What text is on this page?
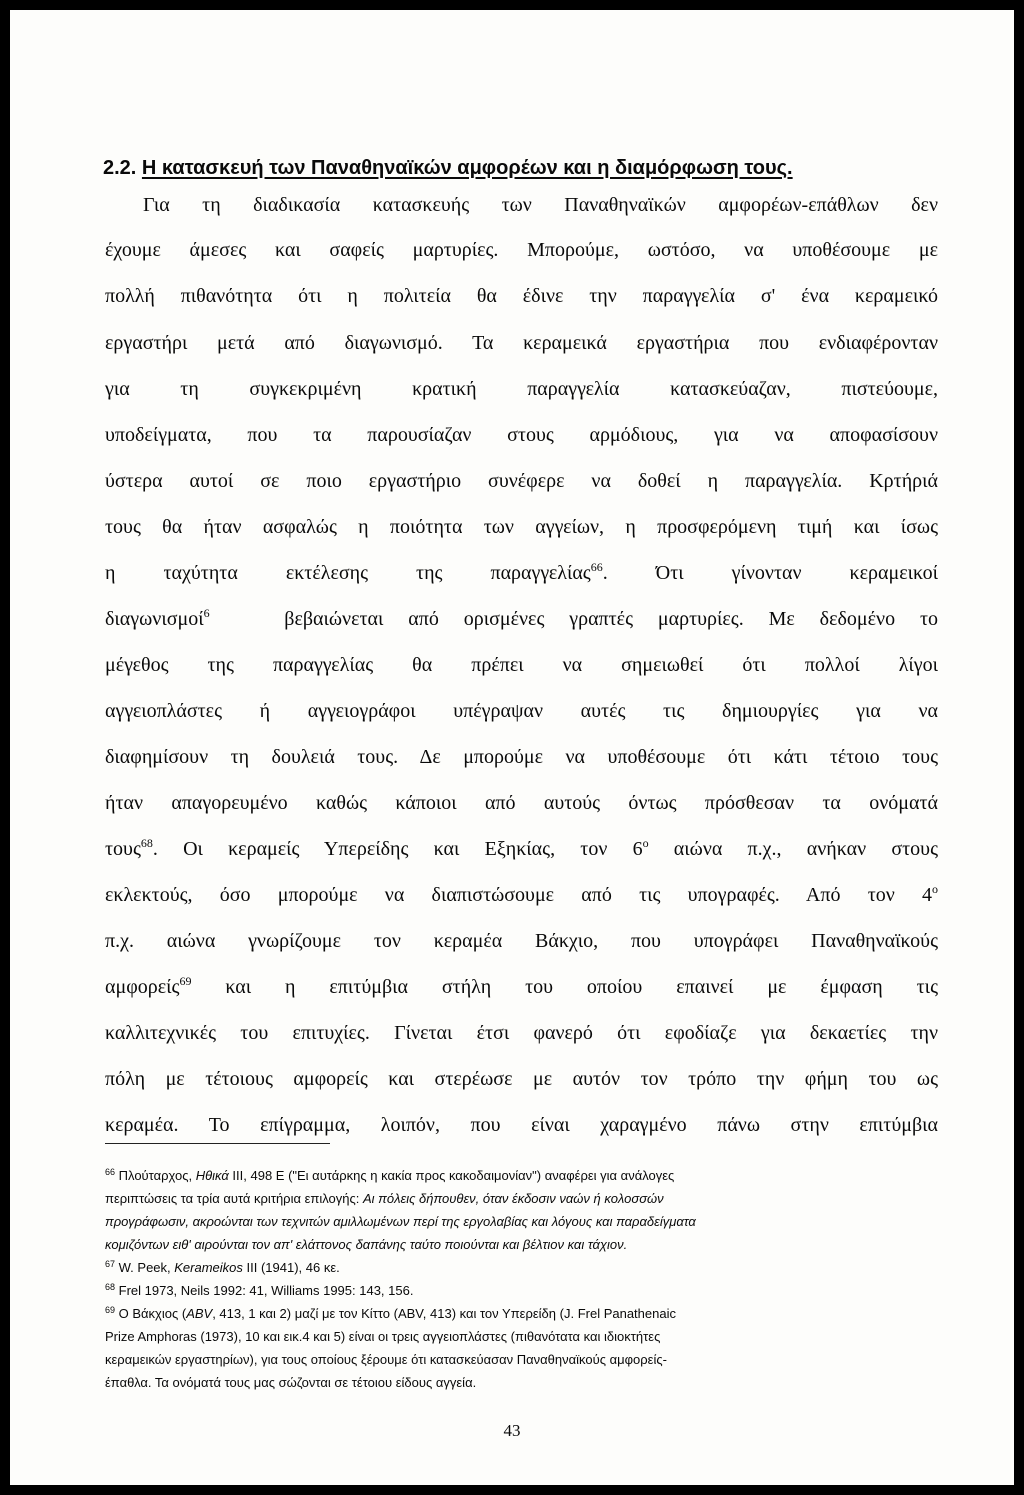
2.2. Η κατασκευή των Παναθηναϊκών αμφορέων και η διαμόρφωση τους.

Για τη διαδικασία κατασκευής των Παναθηναϊκών αμφορέων-επάθλων δεν

έχουμε άμεσες και σαφείς μαρτυρίες. Μπορούμε, ωστόσο, να υποθέσουμε με

πολλή πιθανότητα ότι η πολιτεία θα έδινε την παραγγελία σ' ένα κεραμεικό

εργαστήρι μετά από διαγωνισμό. Τα κεραμεικά εργαστήρια που ενδιαφέρονταν

για τη συγκεκριμένη κρατική παραγγελία κατασκεύαζαν, πιστεύουμε,

υποδείγματα, που τα παρουσίαζαν στους αρμόδιους, για να αποφασίσουν

ύστερα αυτοί σε ποιο εργαστήριο συνέφερε να δοθεί η παραγγελία. Κρτήριά

τους θα ήταν ασφαλώς η ποιότητα των αγγείων, η προσφερόμενη τιμή και ίσως

η ταχύτητα εκτέλεσης της παραγγελίας$^{66}$. Ότι γίνονταν κεραμεικοί

διαγωνισμοί$^6$	βεβαιώνεται από ορισμένες γραπτές μαρτυρίες. Με δεδομένο το

μέγεθος της παραγγελίας θα πρέπει να σημειωθεί ότι πολλοί λίγοι

αγγειοπλάστες ή αγγειογράφοι υπέγραψαν αυτές τις δημιουργίες για να

διαφημίσουν τη δουλειά τους. Δε μπορούμε να υποθέσουμε ότι κάτι τέτοιο τους

ήταν απαγορευμένο καθώς κάποιοι από αυτούς όντως πρόσθεσαν τα ονόματά

τους$^{68}$. Οι κεραμείς Υπερείδης και Εξηκίας, τον 6$^o$ αιώνα π.χ., ανήκαν στους

εκλεκτούς, όσο μπορούμε να διαπιστώσουμε από τις υπογραφές. Από τον 4$^o$

π.χ. αιώνα γνωρίζουμε τον κεραμέα Βάκχιο, που υπογράφει Παναθηναϊκούς

αμφορείς$^{69}$ και η επιτύμβια στήλη του οποίου επαινεί με έμφαση τις

καλλιτεχνικές του επιτυχίες. Γίνεται έτσι φανερό ότι εφοδίαζε για δεκαετίες την

πόλη με τέτοιους αμφορείς και στερέωσε με αυτόν τον τρόπο την φήμη του ως

κεραμέα. Το επίγραμμα, λοιπόν, που είναι χαραγμένο πάνω στην επιτύμβια

$^{66}$ Πλούταρχος, Ηθικά III, 498 Ε ("Ει αυτάρκης η κακία προς κακοδαιμονίαν") αναφέρει για ανάλογες

περιπτώσεις τα τρία αυτά κριτήρια επιλογής: Αι πόλεις δήπουθεν, όταν έκδοσιν ναών ή κολοσσών

προγράφωσιν, ακροώνται των τεχνιτών αμιλλωμένων περί της εργολαβίας και λόγους και παραδείγματα

κομιζόντων ειθ' αιρούνται τον απ' ελάττονος δαπάνης ταύτο ποιούνται και βέλτιον και τάχιον.

$^{67}$ W. Peek, Kerameikos III (1941), 46 κε.

$^{68}$ Frel 1973, Neils 1992: 41, Williams 1995: 143, 156.

$^{69}$ Ο Βάκχιος (ABV, 413, 1 και 2) μαζί με τον Κίττο (ABV, 413) και τον Υπερείδη (J. Frel Panathenaic

Prize Amphoras (1973), 10 και εικ.4 και 5) είναι οι τρεις αγγειοπλάστες (πιθανότατα και ιδιοκτήτες

κεραμεικών εργαστηρίων), για τους οποίους ξέρουμε ότι κατασκεύασαν Παναθηναϊκούς αμφορείς-

έπαθλα. Τα ονόματά τους μας σώζονται σε τέτοιου είδους αγγεία.

43
